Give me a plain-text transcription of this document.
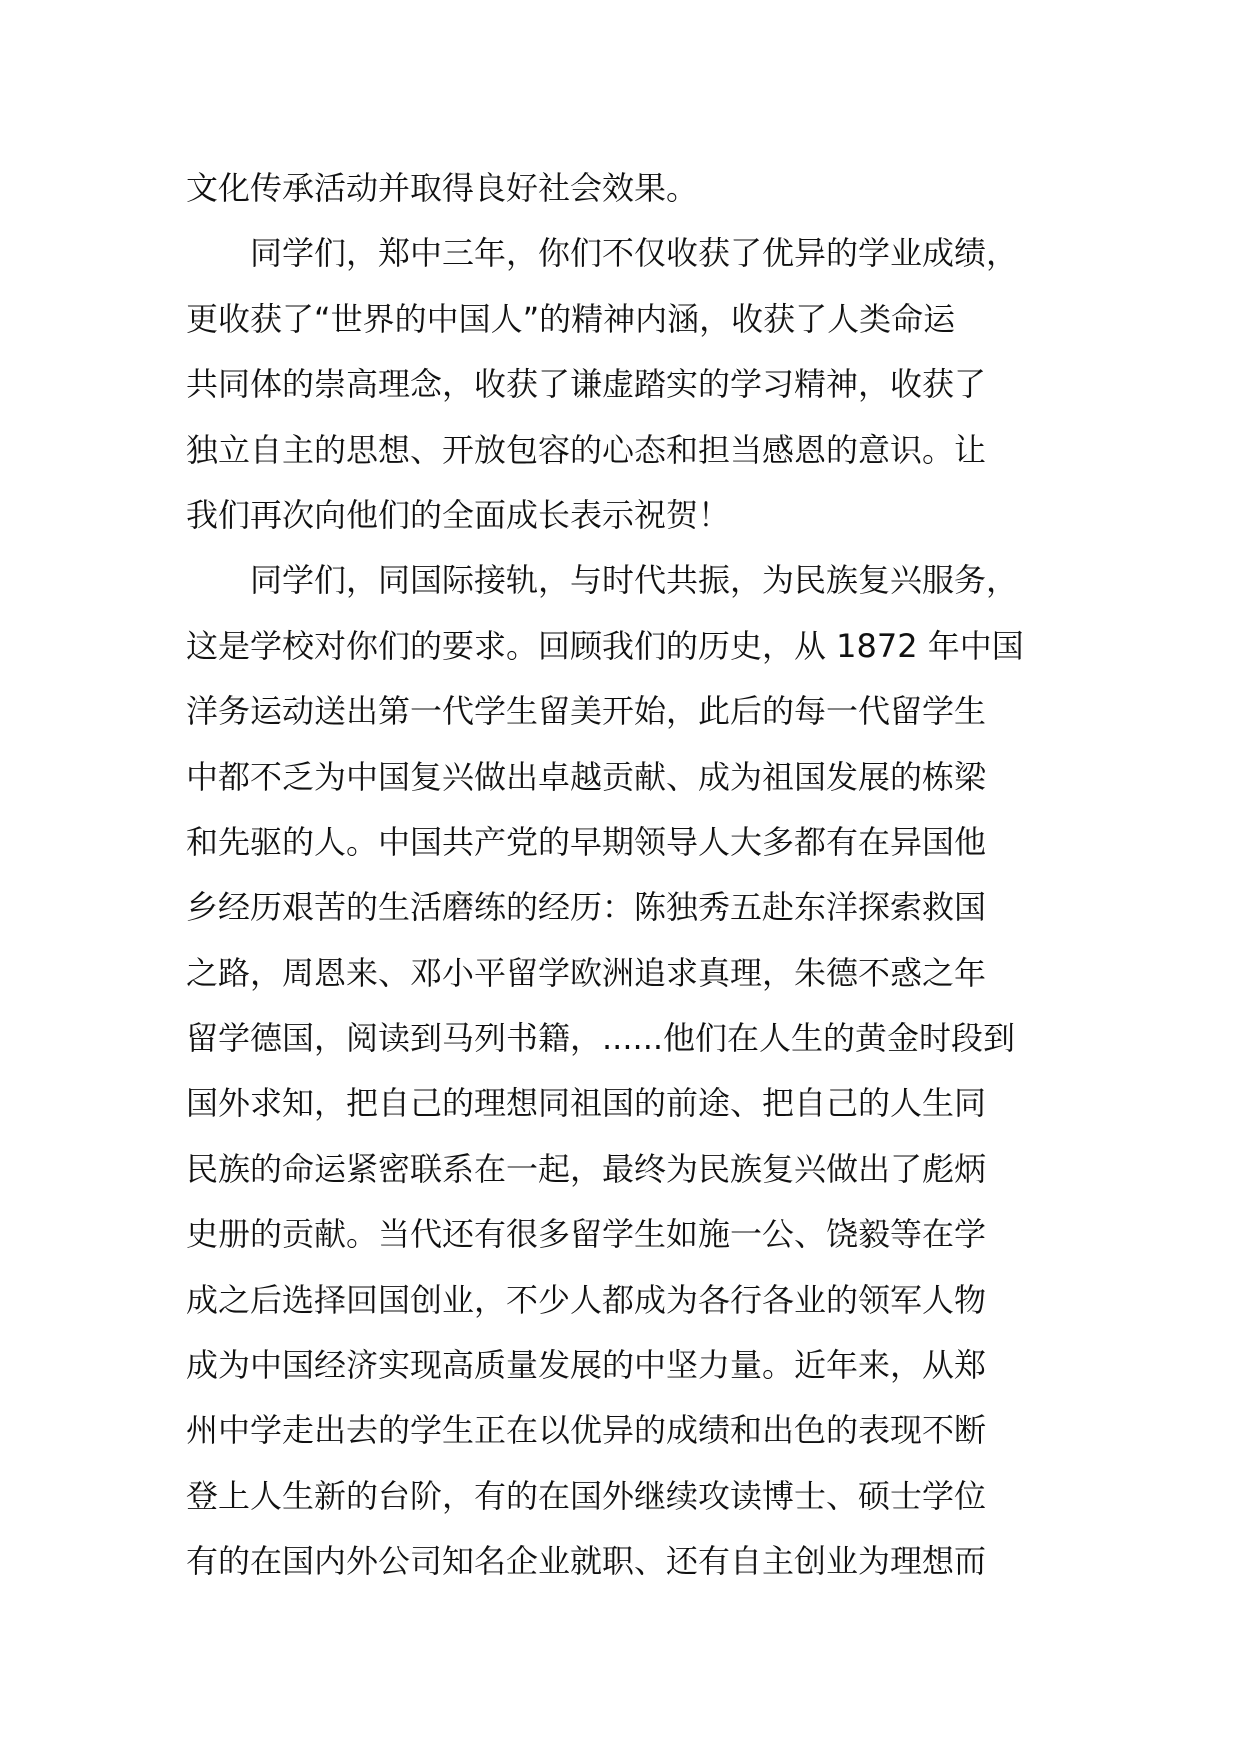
文化传承活动并取得良好社会效果。
　　同学们，郑中三年，你们不仅收获了优异的学业成绩，
更收获了“世界的中国人”的精神内涵，收获了人类命运
共同体的崇高理念，收获了谦虚踏实的学习精神，收获了
独立自主的思想、开放包容的心态和担当感恩的意识。让
我们再次向他们的全面成长表示祝贺！
　　同学们，同国际接轨，与时代共振，为民族复兴服务，
这是学校对你们的要求。回顾我们的历史，从 1872 年中国
洋务运动送出第一代学生留美开始，此后的每一代留学生
中都不乏为中国复兴做出卓越贡献、成为祖国发展的栋梁
和先驱的人。中国共产党的早期领导人大多都有在异国他
乡经历艰苦的生活磨练的经历：陈独秀五赴东洋探索救国
之路，周恩来、邓小平留学欧洲追求真理，朱德不惑之年
留学德国，阅读到马列书籍，......他们在人生的黄金时段到
国外求知，把自己的理想同祖国的前途、把自己的人生同
民族的命运紧密联系在一起，最终为民族复兴做出了彪炳
史册的贡献。当代还有很多留学生如施一公、饶毅等在学
成之后选择回国创业，不少人都成为各行各业的领军人物
成为中国经济实现高质量发展的中坚力量。近年来，从郑
州中学走出去的学生正在以优异的成绩和出色的表现不断
登上人生新的台阶，有的在国外继续攻读博士、硕士学位
有的在国内外公司知名企业就职、还有自主创业为理想而
